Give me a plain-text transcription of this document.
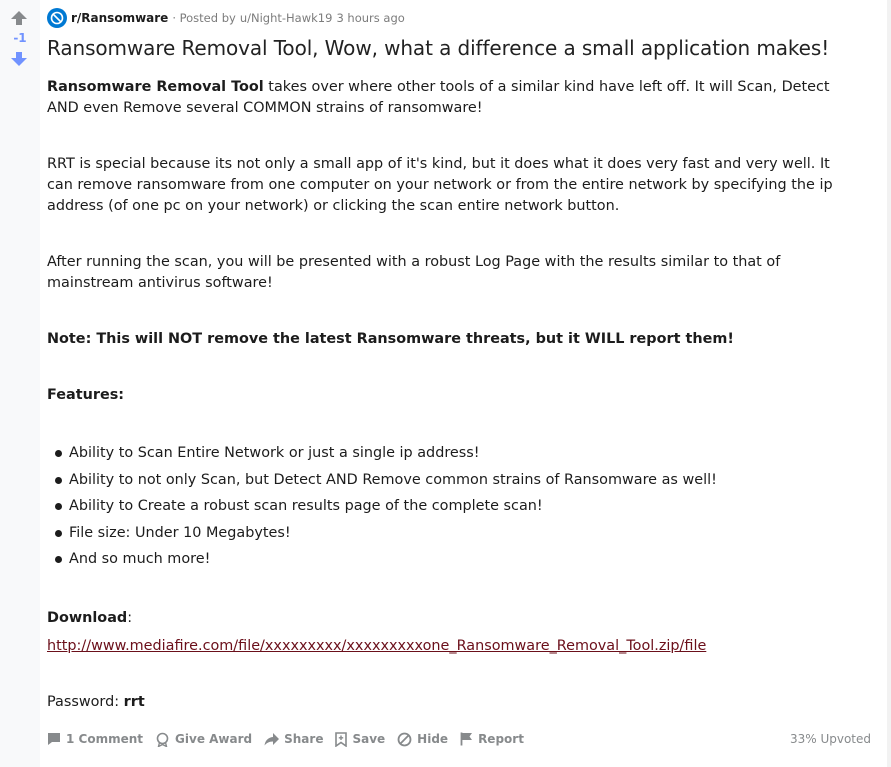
-1
r/Ransomware · Posted by u/Night-Hawk19 3 hours ago
Ransomware Removal Tool, Wow, what a difference a small application makes!

Ransomware Removal Tool takes over where other tools of a similar kind have left off. It will Scan, Detect AND even Remove several COMMON strains of ransomware!

RRT is special because its not only a small app of it's kind, but it does what it does very fast and very well. It can remove ransomware from one computer on your network or from the entire network by specifying the ip address (of one pc on your network) or clicking the scan entire network button.

After running the scan, you will be presented with a robust Log Page with the results similar to that of mainstream antivirus software!

Note: This will NOT remove the latest Ransomware threats, but it WILL report them!

Features:

Ability to Scan Entire Network or just a single ip address!
Ability to not only Scan, but Detect AND Remove common strains of Ransomware as well!
Ability to Create a robust scan results page of the complete scan!
File size: Under 10 Megabytes!
And so much more!

Download:

http://www.mediafire.com/file/xxxxxxxxx/xxxxxxxxxone_Ransomware_Removal_Tool.zip/file

Password: rrt

1
Comment	Give Award	Share Save	Hide	Report	33% Upvoted
